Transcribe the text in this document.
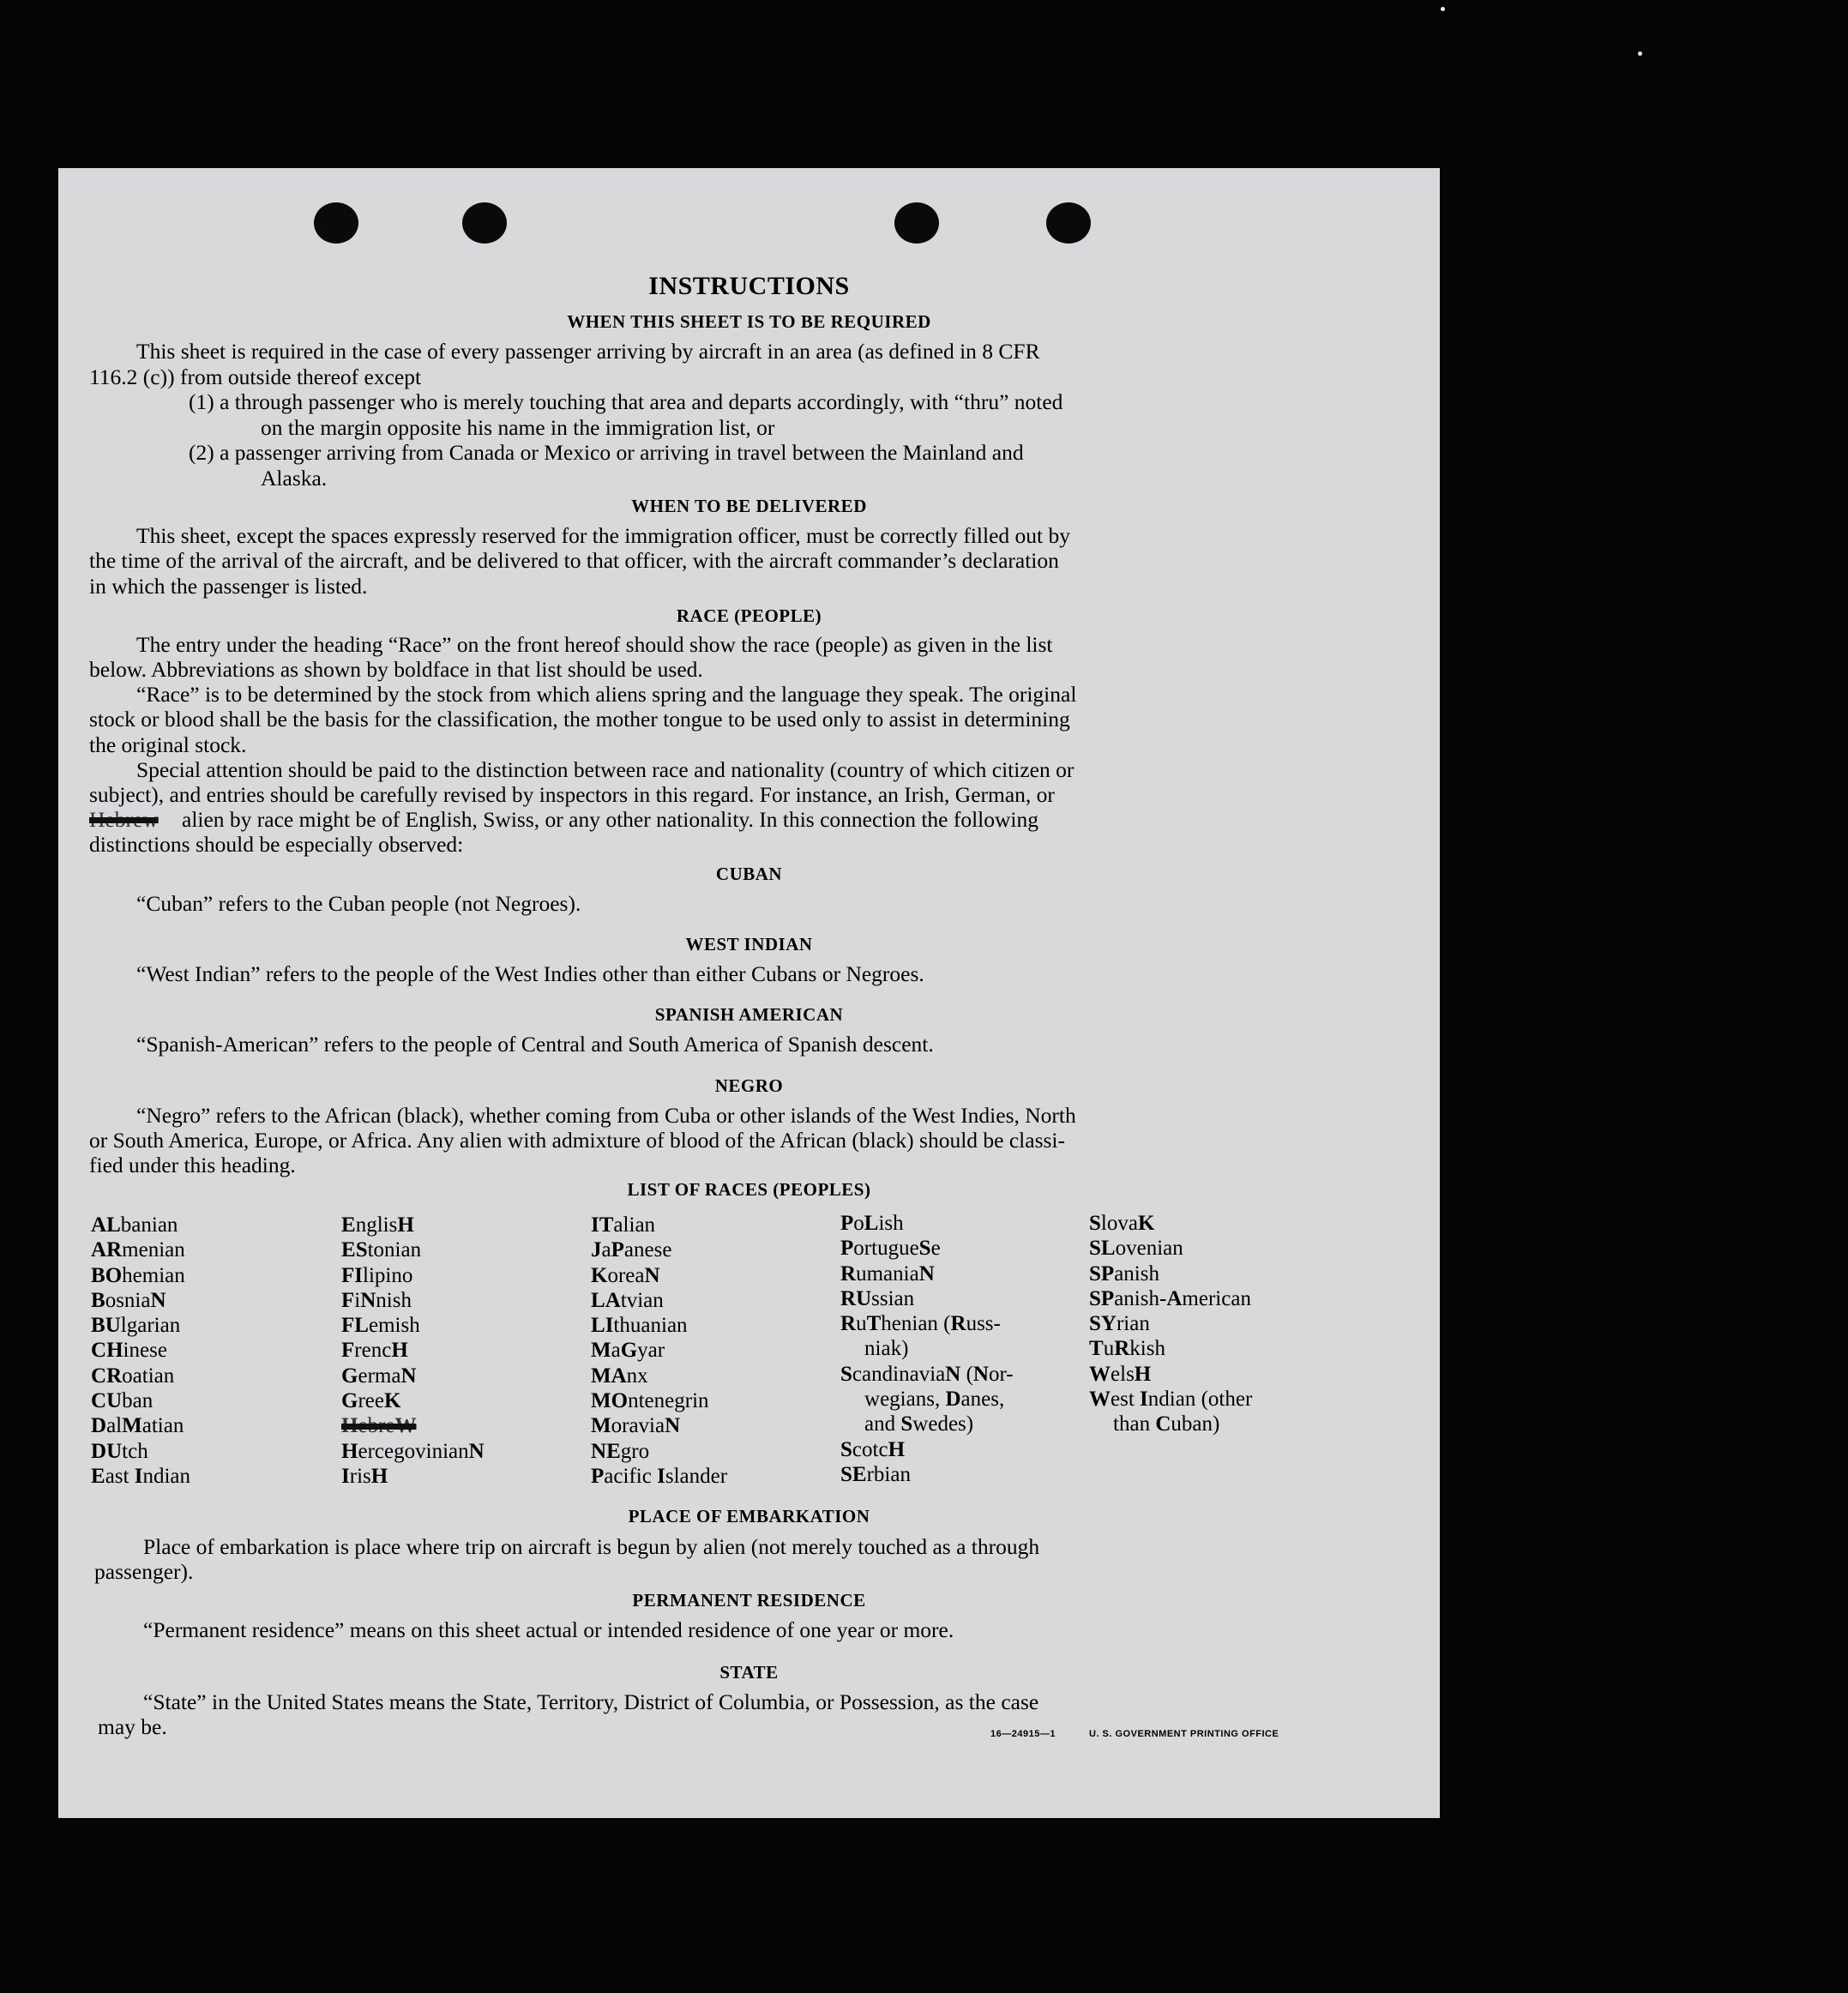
INSTRUCTIONS
WHEN THIS SHEET IS TO BE REQUIRED
This sheet is required in the case of every passenger arriving by aircraft in an area (as defined in 8 CFR
116.2 (c)) from outside thereof except
(1) a through passenger who is merely touching that area and departs accordingly, with “thru” noted
on the margin opposite his name in the immigration list, or
(2) a passenger arriving from Canada or Mexico or arriving in travel between the Mainland and
Alaska.
WHEN TO BE DELIVERED
This sheet, except the spaces expressly reserved for the immigration officer, must be correctly filled out by
the time of the arrival of the aircraft, and be delivered to that officer, with the aircraft commander’s declaration
in which the passenger is listed.
RACE (PEOPLE)
The entry under the heading “Race” on the front hereof should show the race (people) as given in the list
below. Abbreviations as shown by boldface in that list should be used.
“Race” is to be determined by the stock from which aliens spring and the language they speak. The original
stock or blood shall be the basis for the classification, the mother tongue to be used only to assist in determining
the original stock.
Special attention should be paid to the distinction between race and nationality (country of which citizen or
subject), and entries should be carefully revised by inspectors in this regard. For instance, an Irish, German, or
Hebrew alien by race might be of English, Swiss, or any other nationality. In this connection the following
distinctions should be especially observed:
CUBAN
“Cuban” refers to the Cuban people (not Negroes).
WEST INDIAN
“West Indian” refers to the people of the West Indies other than either Cubans or Negroes.
SPANISH AMERICAN
“Spanish-American” refers to the people of Central and South America of Spanish descent.
NEGRO
“Negro” refers to the African (black), whether coming from Cuba or other islands of the West Indies, North
or South America, Europe, or Africa. Any alien with admixture of blood of the African (black) should be classi-
fied under this heading.
LIST OF RACES (PEOPLES)
ALbanian
ARmenian
BOhemian
BosniaN
BUlgarian
CHinese
CRoatian
CUban
DalMatian
DUtch
East Indian
EnglisH
EStonian
FIlipino
FiNnish
FLemish
FrencH
GermaN
GreeK
HebreW
HercegovinianN
IrisH
ITalian
JaPanese
KoreaN
LAtvian
LIthuanian
MaGyar
MAnx
MOntenegrin
MoraviaN
NEgro
Pacific Islander
PoLish
PortugueSe
RumaniaN
RUssian
RuThenian (Russ-
niak)
ScandinaviaN (Nor-
wegians, Danes,
and Swedes)
ScotcH
SErbian
SlovaK
SLovenian
SPanish
SPanish-American
SYrian
TuRkish
WelsH
West Indian (other
than Cuban)
PLACE OF EMBARKATION
Place of embarkation is place where trip on aircraft is begun by alien (not merely touched as a through
passenger).
PERMANENT RESIDENCE
“Permanent residence” means on this sheet actual or intended residence of one year or more.
STATE
“State” in the United States means the State, Territory, District of Columbia, or Possession, as the case
may be.	16—24915—1	U. S. GOVERNMENT PRINTING OFFICE
